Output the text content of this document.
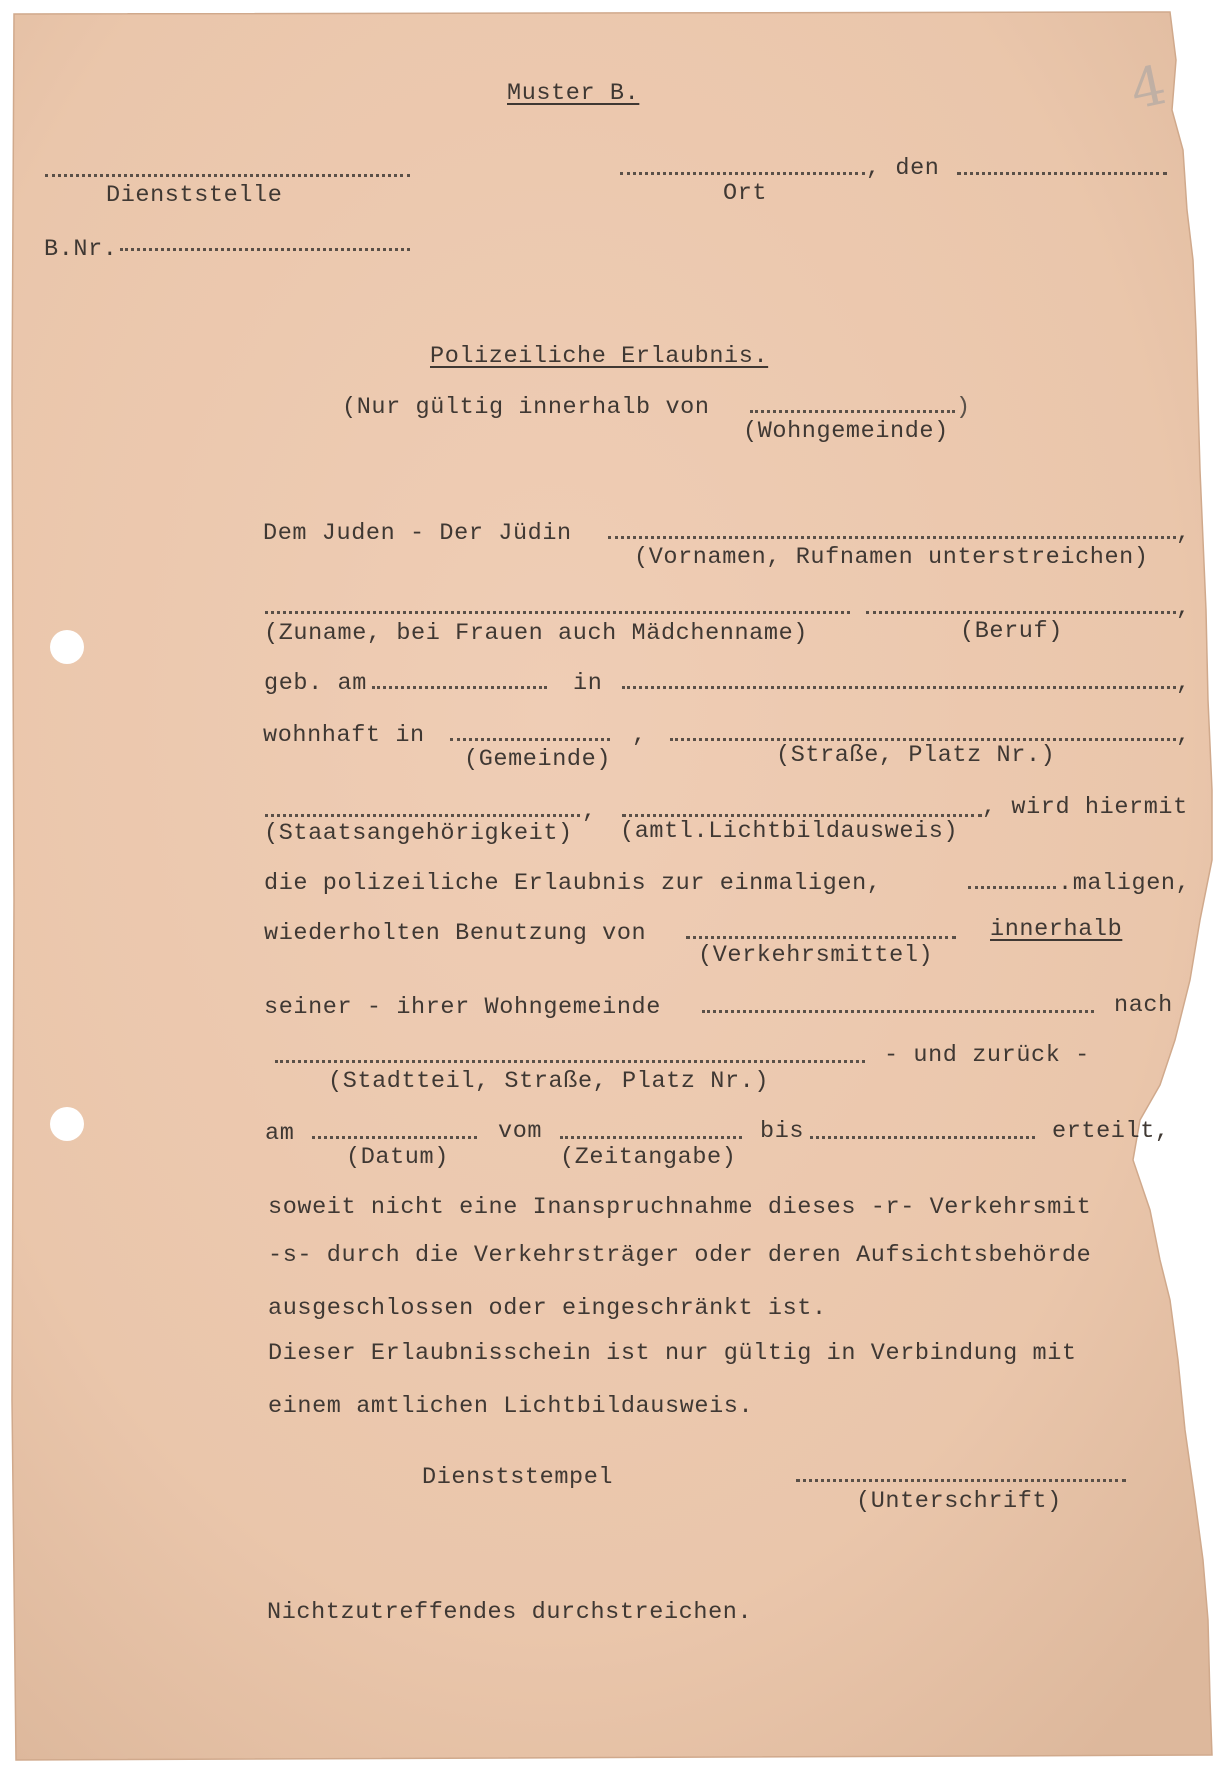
4
Muster B.
Dienststelle
, den
Ort
B.Nr.
Polizeiliche Erlaubnis.
(Nur gültig innerhalb von	)
(Wohngemeinde)
Dem Juden - Der Jüdin	,
(Vornamen, Rufnamen unterstreichen)
,
(Zuname, bei Frauen auch Mädchenname)	(Beruf)
geb. am	in	,
wohnhaft in	,	,
(Gemeinde)	(Straße, Platz Nr.)
,	, wird hiermit
(Staatsangehörigkeit) (amtl.Lichtbildausweis)
die polizeiliche Erlaubnis zur einmaligen,	.maligen,
wiederholten Benutzung von	innerhalb
(Verkehrsmittel)
seiner - ihrer Wohngemeinde	nach
- und zurück -
(Stadtteil, Straße, Platz Nr.)
am	vom	bis	erteilt,
(Datum)	(Zeitangabe)
soweit nicht eine Inanspruchnahme dieses -r- Verkehrsmit
-s- durch die Verkehrsträger oder deren Aufsichtsbehörde
ausgeschlossen oder eingeschränkt ist.
Dieser Erlaubnisschein ist nur gültig in Verbindung mit
einem amtlichen Lichtbildausweis.
Dienststempel
(Unterschrift)
Nichtzutreffendes durchstreichen.
